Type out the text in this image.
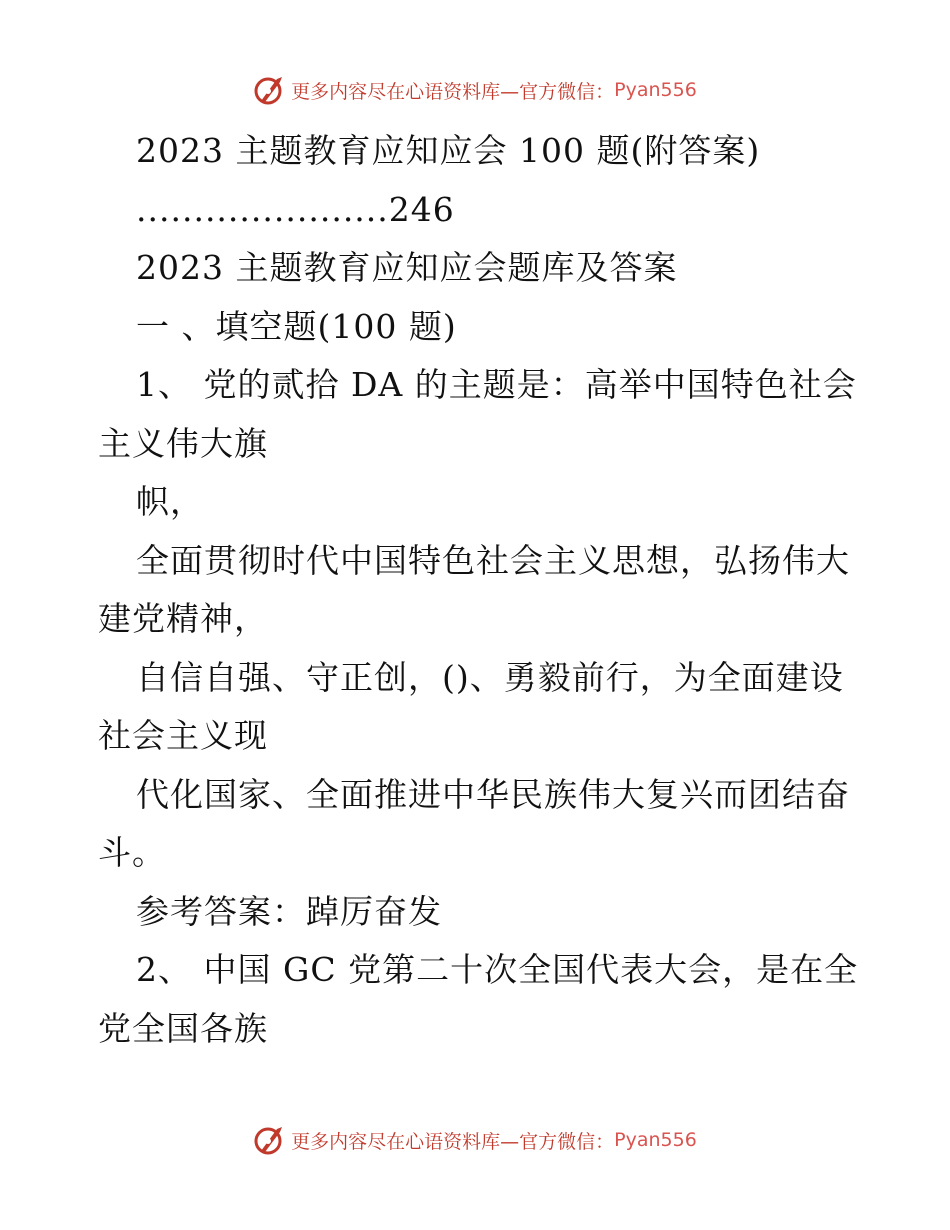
更多内容尽在心语资料库—官方微信： Pyan556
2023 主题教育应知应会 100 题(附答案)
......................246
2023 主题教育应知应会题库及答案
一 、填空题(100 题)
1、 党的贰拾 DA 的主题是：高举中国特色社会
主义伟大旗
帜，
全面贯彻时代中国特色社会主义思想，弘扬伟大
建党精神，
自信自强、守正创，()、勇毅前行，为全面建设
社会主义现
代化国家、全面推进中华民族伟大复兴而团结奋
斗。
参考答案：踔厉奋发
2、 中国 GC 党第二十次全国代表大会，是在全
党全国各族
更多内容尽在心语资料库—官方微信： Pyan556
